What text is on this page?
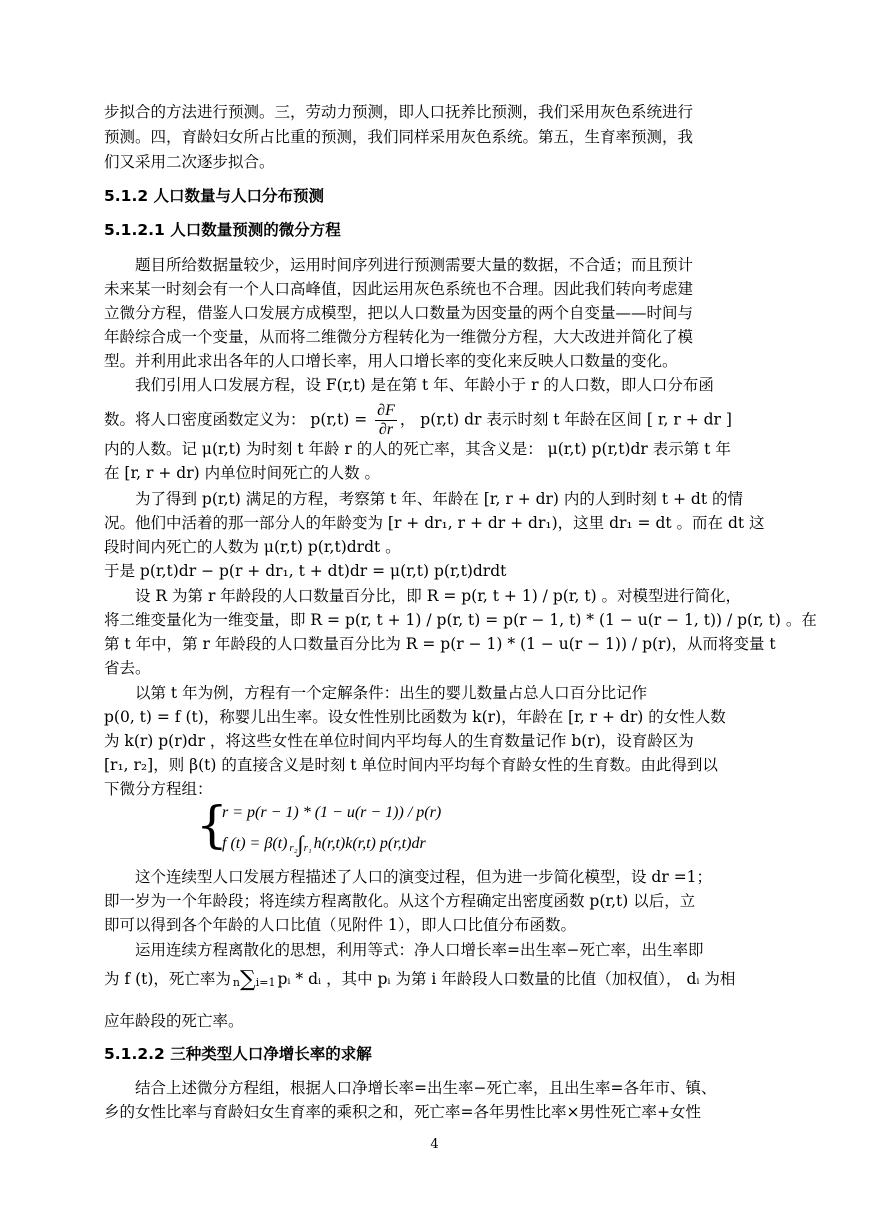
步拟合的方法进行预测。三，劳动力预测，即人口抚养比预测，我们采用灰色系统进行
预测。四，育龄妇女所占比重的预测，我们同样采用灰色系统。第五，生育率预测，我
们又采用二次逐步拟合。
5.1.2 人口数量与人口分布预测
5.1.2.1 人口数量预测的微分方程
题目所给数据量较少，运用时间序列进行预测需要大量的数据，不合适；而且预计
未来某一时刻会有一个人口高峰值，因此运用灰色系统也不合理。因此我们转向考虑建
立微分方程，借鉴人口发展方成模型，把以人口数量为因变量的两个自变量——时间与
年龄综合成一个变量，从而将二维微分方程转化为一维微分方程，大大改进并简化了模
型。并利用此求出各年的人口增长率，用人口增长率的变化来反映人口数量的变化。
我们引用人口发展方程，设 F(r,t) 是在第 t 年、年龄小于 r 的人口数，即人口分布函
数。将人口密度函数定义为： $p(r,t) = \frac{\partial F}{\partial r}$ ， p(r,t) dr 表示时刻 t 年龄在区间 [ r, r + dr ]
内的人数。记 μ(r,t) 为时刻 t 年龄 r 的人的死亡率，其含义是： μ(r,t) p(r,t)dr 表示第 t 年
在 [r, r + dr) 内单位时间死亡的人数 。
为了得到 p(r,t) 满足的方程，考察第 t 年、年龄在 [r, r + dr) 内的人到时刻 t + dt 的情
况。他们中活着的那一部分人的年龄变为 [r + dr₁, r + dr + dr₁)，这里 dr₁ = dt 。而在 dt 这
段时间内死亡的人数为 μ(r,t) p(r,t)drdt 。
于是 p(r,t)dr − p(r + dr₁, t + dt)dr = μ(r,t) p(r,t)drdt
设 R 为第 r 年龄段的人口数量百分比，即 R = p(r, t + 1) / p(r, t) 。对模型进行简化，
将二维变量化为一维变量，即 R = p(r, t + 1) / p(r, t) = p(r − 1, t) * (1 − u(r − 1, t)) / p(r, t) 。在
第 t 年中，第 r 年龄段的人口数量百分比为 R = p(r − 1) * (1 − u(r − 1)) / p(r)，从而将变量 t
省去。
以第 t 年为例，方程有一个定解条件：出生的婴儿数量占总人口百分比记作
p(0, t) = f (t)，称婴儿出生率。设女性性别比函数为 k(r)，年龄在 [r, r + dr) 的女性人数
为 k(r) p(r)dr ，将这些女性在单位时间内平均每人的生育数量记作 b(r)，设育龄区为
[r₁, r₂]，则 β(t) 的直接含义是时刻 t 单位时间内平均每个育龄女性的生育数。由此得到以
下微分方程组：
{
r = p(r − 1) * (1 − u(r − 1)) / p(r)
f (t) = β(t) r₂∫r₁ h(r,t)k(r,t) p(r,t)dr
这个连续型人口发展方程描述了人口的演变过程，但为进一步简化模型，设 dr =1；
即一岁为一个年龄段；将连续方程离散化。从这个方程确定出密度函数 p(r,t) 以后，立
即可以得到各个年龄的人口比值（见附件 1），即人口比值分布函数。
运用连续方程离散化的思想，利用等式：净人口增长率=出生率−死亡率，出生率即
为 f (t)，死亡率为 n∑i=1 pᵢ * dᵢ ，其中 pᵢ 为第 i 年龄段人口数量的比值（加权值）， dᵢ 为相
应年龄段的死亡率。
5.1.2.2 三种类型人口净增长率的求解
结合上述微分方程组，根据人口净增长率=出生率−死亡率，且出生率=各年市、镇、
乡的女性比率与育龄妇女生育率的乘积之和，死亡率=各年男性比率×男性死亡率+女性
4
